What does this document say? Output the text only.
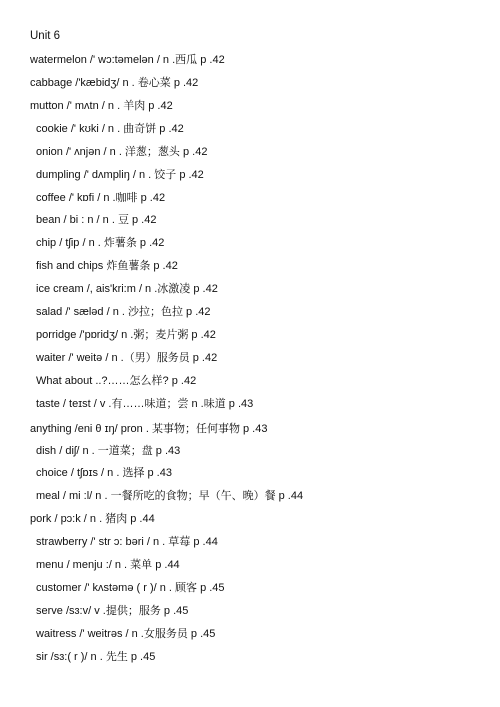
Unit 6
watermelon /' wɔ:təmelən / n .西瓜 p .42
cabbage /'kæbidʒ/ n . 卷心菜 p .42
mutton /' mʌtn / n . 羊肉 p .42
cookie /' kʊki / n . 曲奇饼 p .42
onion /' ʌnjən / n . 洋葱；葱头 p .42
dumpling /' dʌmpliŋ / n . 饺子 p .42
coffee /' kɒfi / n .咖啡 p .42
bean / bi : n / n . 豆 p .42
chip / tʃip / n . 炸薯条 p .42
fish and chips 炸鱼薯条 p .42
ice cream /, ais'kri:m / n .冰激凌 p .42
salad /' sæləd / n . 沙拉；色拉 p .42
porridge /'pɒridʒ/ n .粥；麦片粥 p .42
waiter /' weitə / n .（男）服务员 p .42
What about ..?……怎么样? p .42
taste / teɪst / v .有……味道；尝 n .味道 p .43
anything /eni θ ɪŋ/ pron . 某事物；任何事物 p .43
dish / diʃ/ n . 一道菜；盘 p .43
choice / tʃɒɪs / n . 选择 p .43
meal / mi :l/ n . 一餐所吃的食物；早（午、晚）餐 p .44
pork / pɔ:k / n . 猪肉 p .44
strawberry /' str ɔ: bəri / n . 草莓 p .44
menu / menju :/ n . 菜单 p .44
customer /' kʌstəmə ( r )/ n . 顾客 p .45
serve /sɜ:v/ v .提供；服务 p .45
waitress /' weitrəs / n .女服务员 p .45
sir /sɜ:( r )/ n . 先生 p .45
